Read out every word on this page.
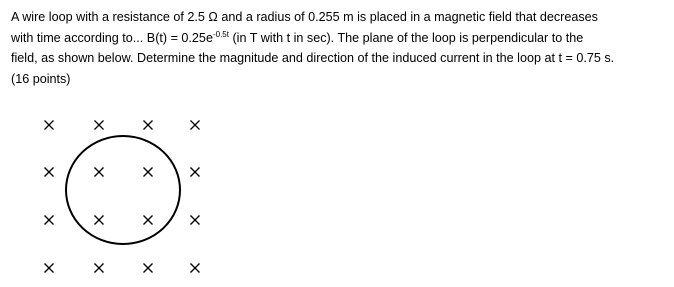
A wire loop with a resistance of 2.5 Ω and a radius of 0.255 m is placed in a magnetic field that decreases
with time according to... $B(t) = 0.25e^{-0.5t}$ (in T with t in sec). The plane of the loop is perpendicular to the
field, as shown below. Determine the magnitude and direction of the induced current in the loop at t = 0.75 s.
(16 points)
